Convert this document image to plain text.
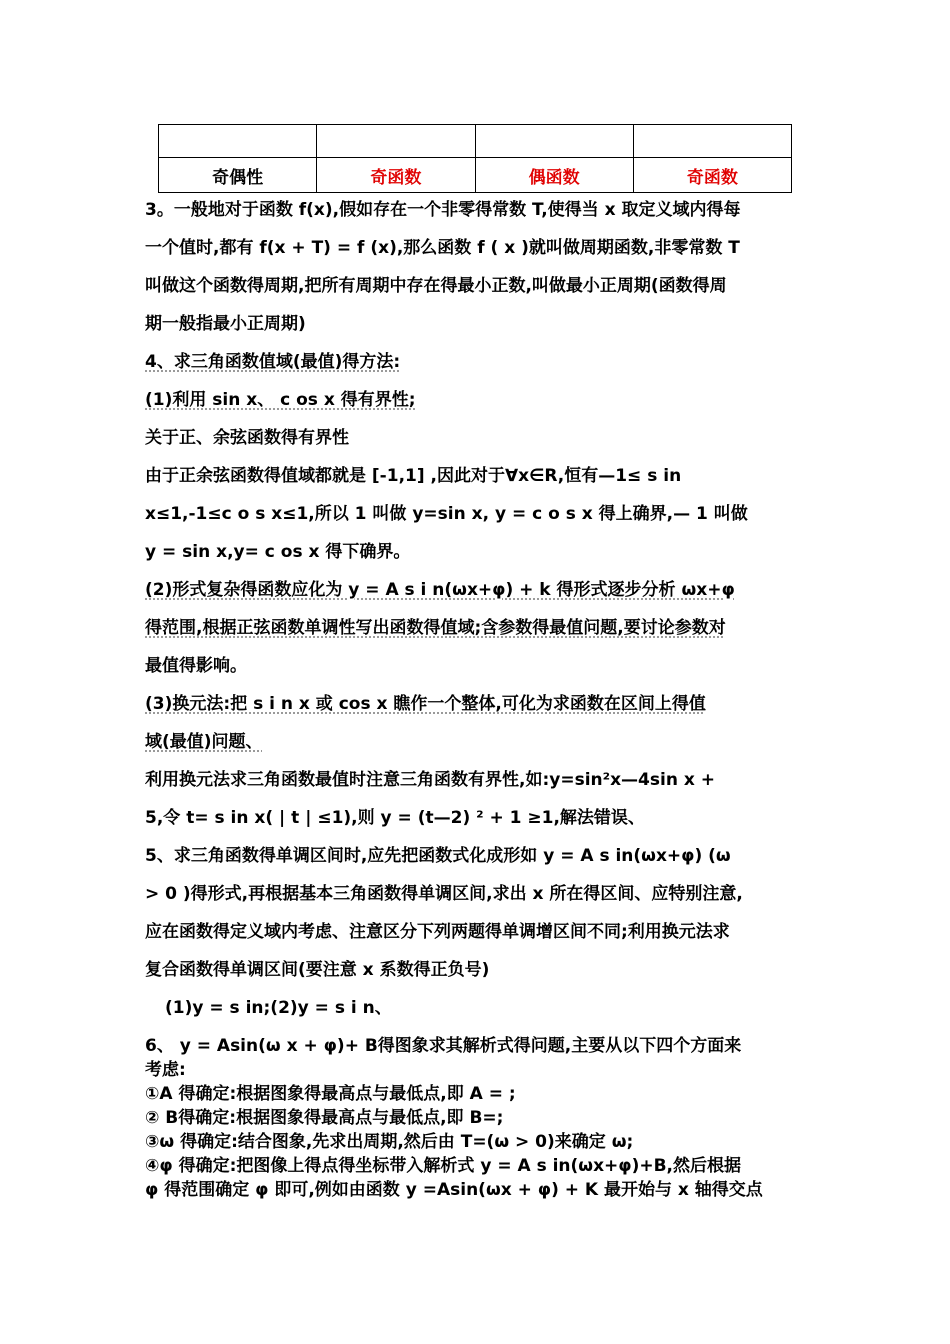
奇偶性	奇函数	偶函数	奇函数
3。一般地对于函数 f(x),假如存在一个非零得常数 T,使得当 x 取定义域内得每
一个值时,都有 f(x + T) = f (x),那么函数 f ( x )就叫做周期函数,非零常数 T
叫做这个函数得周期,把所有周期中存在得最小正数,叫做最小正周期(函数得周
期一般指最小正周期)
4、求三角函数值域(最值)得方法:
(1)利用 sin x、 c os x 得有界性;
关于正、余弦函数得有界性
由于正余弦函数得值域都就是 [-1,1] ,因此对于∀x∈R,恒有—1≤ s in
x≤1,-1≤c o s x≤1,所以 1 叫做 y=sin x, y = c o s x 得上确界,— 1 叫做
y = sin x,y= c os x 得下确界。
(2)形式复杂得函数应化为 y = A s i n(ωx+φ) + k 得形式逐步分析 ωx+φ
得范围,根据正弦函数单调性写出函数得值域;含参数得最值问题,要讨论参数对
最值得影响。
(3)换元法:把 s i n x 或 cos x 瞧作一个整体,可化为求函数在区间上得值
域(最值)问题、
利用换元法求三角函数最值时注意三角函数有界性,如:y=sin²x—4sin x +
5,令 t= s in x( | t | ≤1),则 y = (t—2) ² + 1 ≥1,解法错误、
5、求三角函数得单调区间时,应先把函数式化成形如 y = A s in(ωx+φ) (ω
> 0 )得形式,再根据基本三角函数得单调区间,求出 x 所在得区间、应特别注意,
应在函数得定义域内考虑、注意区分下列两题得单调增区间不同;利用换元法求
复合函数得单调区间(要注意 x 系数得正负号)
(1)y = s in;(2)y = s i n、
6、 y = Asin(ω x + φ)+ B得图象求其解析式得问题,主要从以下四个方面来
考虑:
①A 得确定:根据图象得最高点与最低点,即 A = ;
② B得确定:根据图象得最高点与最低点,即 B=;
③ω 得确定:结合图象,先求出周期,然后由 T=(ω > 0)来确定 ω;
④φ 得确定:把图像上得点得坐标带入解析式 y = A s in(ωx+φ)+B,然后根据
φ 得范围确定 φ 即可,例如由函数 y =Asin(ωx + φ) + K 最开始与 x 轴得交点
